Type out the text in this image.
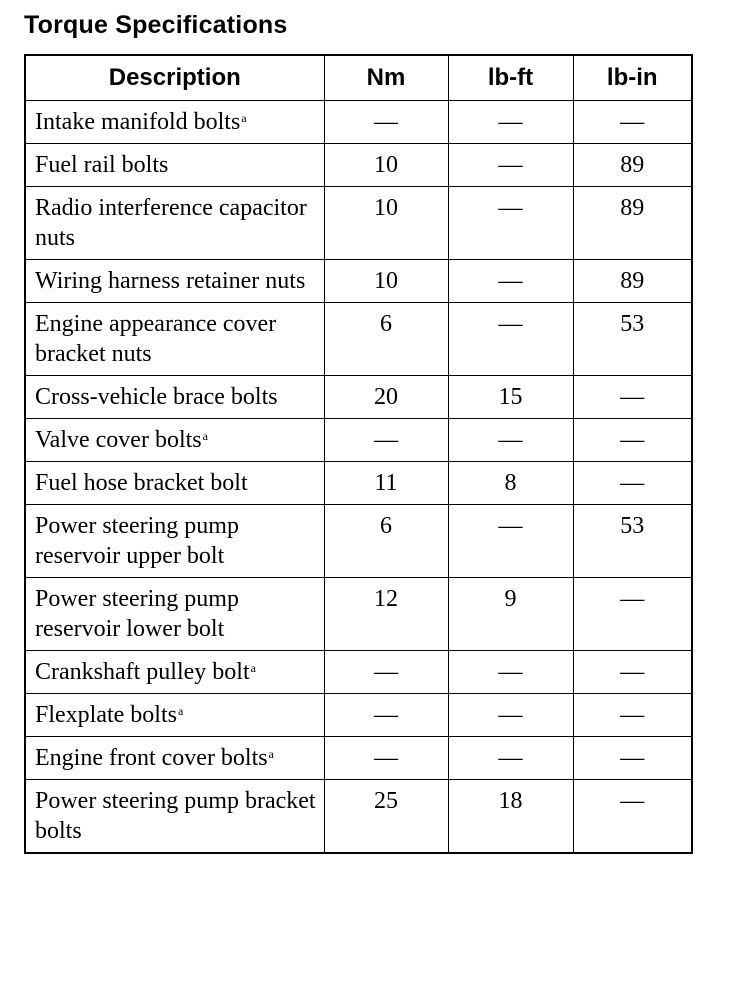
Torque Specifications
Description	Nm	lb-ft	lb-in
Intake manifold bolts$^a$	—	—	—
Fuel rail bolts	10	—	89
Radio interference capacitor nuts	10	—	89
Wiring harness retainer nuts	10	—	89
Engine appearance cover bracket nuts	6	—	53
Cross-vehicle brace bolts	20	15	—
Valve cover bolts$^a$	—	—	—
Fuel hose bracket bolt	11	8	—
Power steering pump reservoir upper bolt	6	—	53
Power steering pump reservoir lower bolt	12	9	—
Crankshaft pulley bolt$^a$	—	—	—
Flexplate bolts$^a$	—	—	—
Engine front cover bolts$^a$	—	—	—
Power steering pump bracket bolts	25	18	—
